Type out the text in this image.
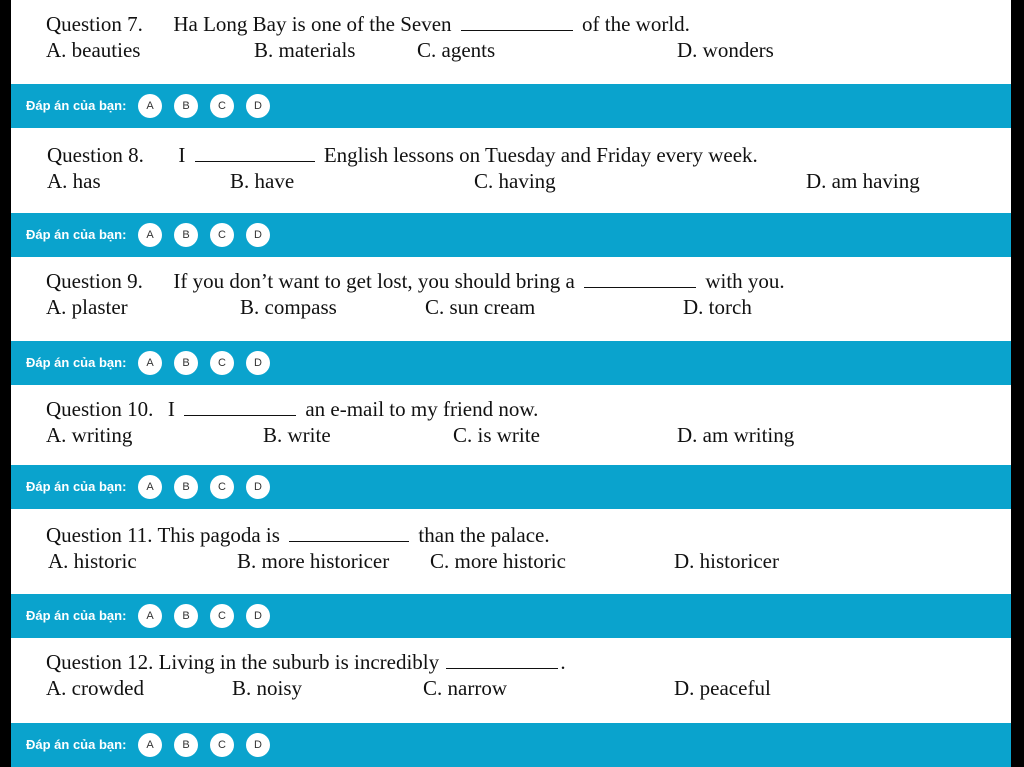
Question 7. Ha Long Bay is one of the Seven	of the world.
A. beauties	B. materials	C. agents	D. wonders
Đáp án của bạn:	A	B	C	D
Question 8. I	English lessons on Tuesday and Friday every week.
A. has	B. have	C. having	D. am having
Đáp án của bạn:	A	B	C	D
Question 9. If you don’t want to get lost, you should bring a	with you.
A. plaster	B. compass	C. sun cream	D. torch
Đáp án của bạn:	A	B	C	D
Question 10. I	an e-mail to my friend now.
A. writing	B. write	C. is write	D. am writing
Đáp án của bạn:	A	B	C	D
Question 11. This pagoda is	than the palace.
A. historic	B. more historicer C. more historic	D. historicer
Đáp án của bạn:	A	B	C	D
Question 12. Living in the suburb is incredibly	.
A. crowded	B. noisy	C. narrow	D. peaceful
Đáp án của bạn:	A	B	C	D
